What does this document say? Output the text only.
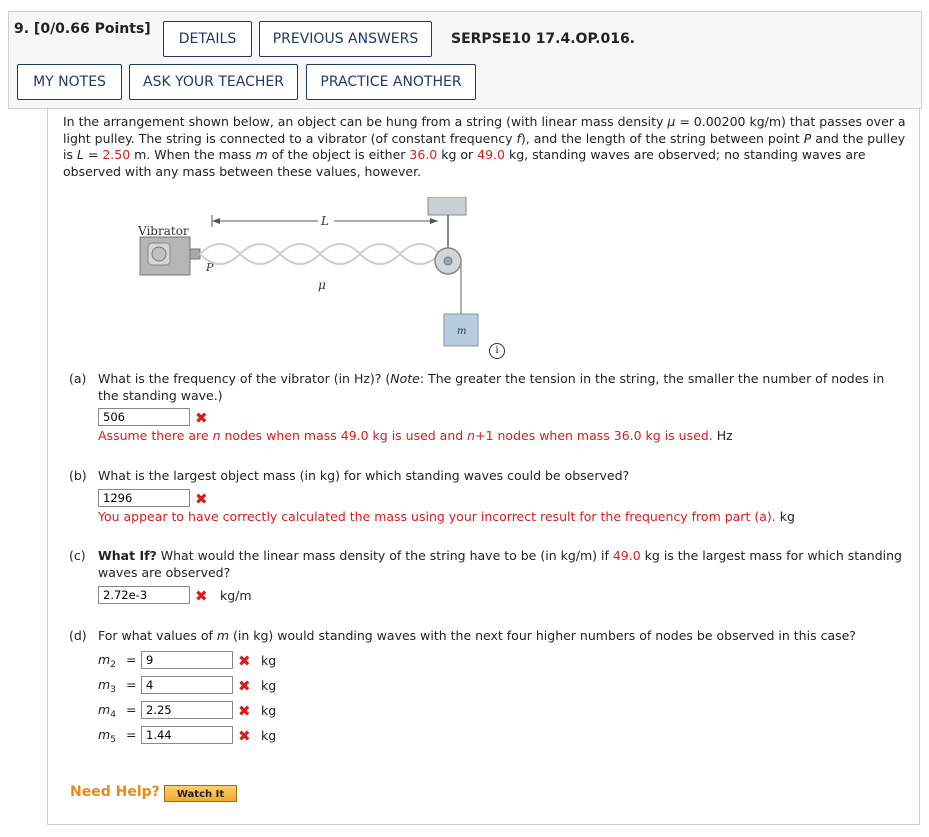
9. [0/0.66 Points]
DETAILS	PREVIOUS ANSWERS	SERPSE10 17.4.OP.016.
MY NOTES	ASK YOUR TEACHER	PRACTICE ANOTHER
In the arrangement shown below, an object can be hung from a string (with linear mass density μ = 0.00200 kg/m) that passes over a light pulley. The string is connected to a vibrator (of constant frequency f), and the length of the string between point P and the pulley is L = 2.50 m. When the mass m of the object is either 36.0 kg or 49.0 kg, standing waves are observed; no standing waves are observed with any mass between these values, however.
Vibrator
P
L
μ
m
i
(a) What is the frequency of the vibrator (in Hz)? (Note: The greater the tension in the string, the smaller the number of nodes in the standing wave.)
506
✖
Assume there are n nodes when mass 49.0 kg is used and n+1 nodes when mass 36.0 kg is used. Hz
(b) What is the largest object mass (in kg) for which standing waves could be observed?
1296
✖
You appear to have correctly calculated the mass using your incorrect result for the frequency from part (a). kg
(c) What If? What would the linear mass density of the string have to be (in kg/m) if 49.0 kg is the largest mass for which standing waves are observed?
2.72e-3
✖ kg/m
(d) For what values of m (in kg) would standing waves with the next four higher numbers of nodes be observed in this case?
$m_2$ =
9	✖ kg
$m_3$ =
4	✖ kg
$m_4$ =
2.25	✖ kg
$m_5$ =
1.44	✖ kg
Need Help?	Watch It
